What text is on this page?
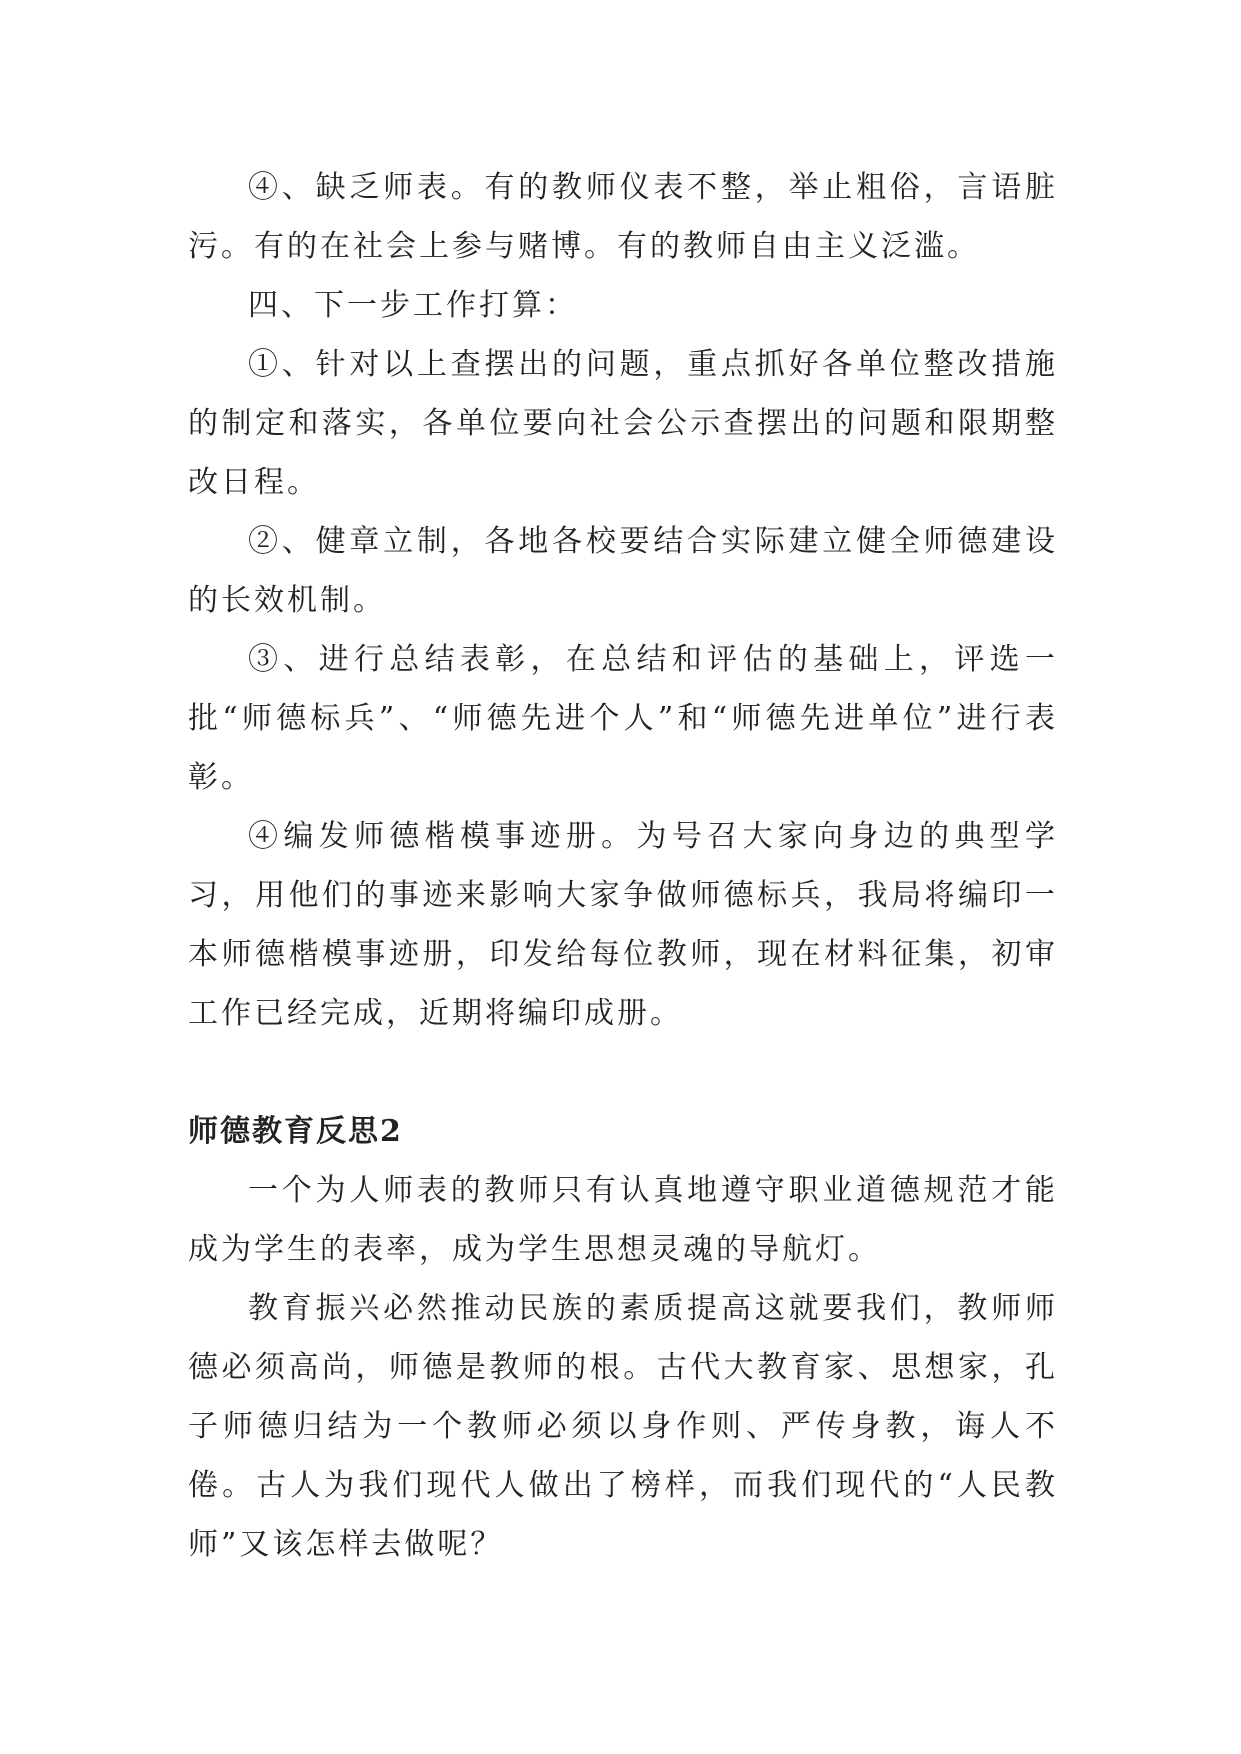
④、缺乏师表。有的教师仪表不整，举止粗俗，言语脏污。有的在社会上参与赌博。有的教师自由主义泛滥。

四、下一步工作打算：

①、针对以上查摆出的问题，重点抓好各单位整改措施的制定和落实，各单位要向社会公示查摆出的问题和限期整改日程。

②、健章立制，各地各校要结合实际建立健全师德建设的长效机制。

③、进行总结表彰，在总结和评估的基础上，评选一批“师德标兵”、“师德先进个人”和“师德先进单位”进行表彰。

④编发师德楷模事迹册。为号召大家向身边的典型学习，用他们的事迹来影响大家争做师德标兵，我局将编印一本师德楷模事迹册，印发给每位教师，现在材料征集，初审工作已经完成，近期将编印成册。

师德教育反思2

一个为人师表的教师只有认真地遵守职业道德规范才能成为学生的表率，成为学生思想灵魂的导航灯。

教育振兴必然推动民族的素质提高这就要我们，教师师德必须高尚，师德是教师的根。古代大教育家、思想家，孔子师德归结为一个教师必须以身作则、严传身教，诲人不倦。古人为我们现代人做出了榜样，而我们现代的“人民教师”又该怎样去做呢？
